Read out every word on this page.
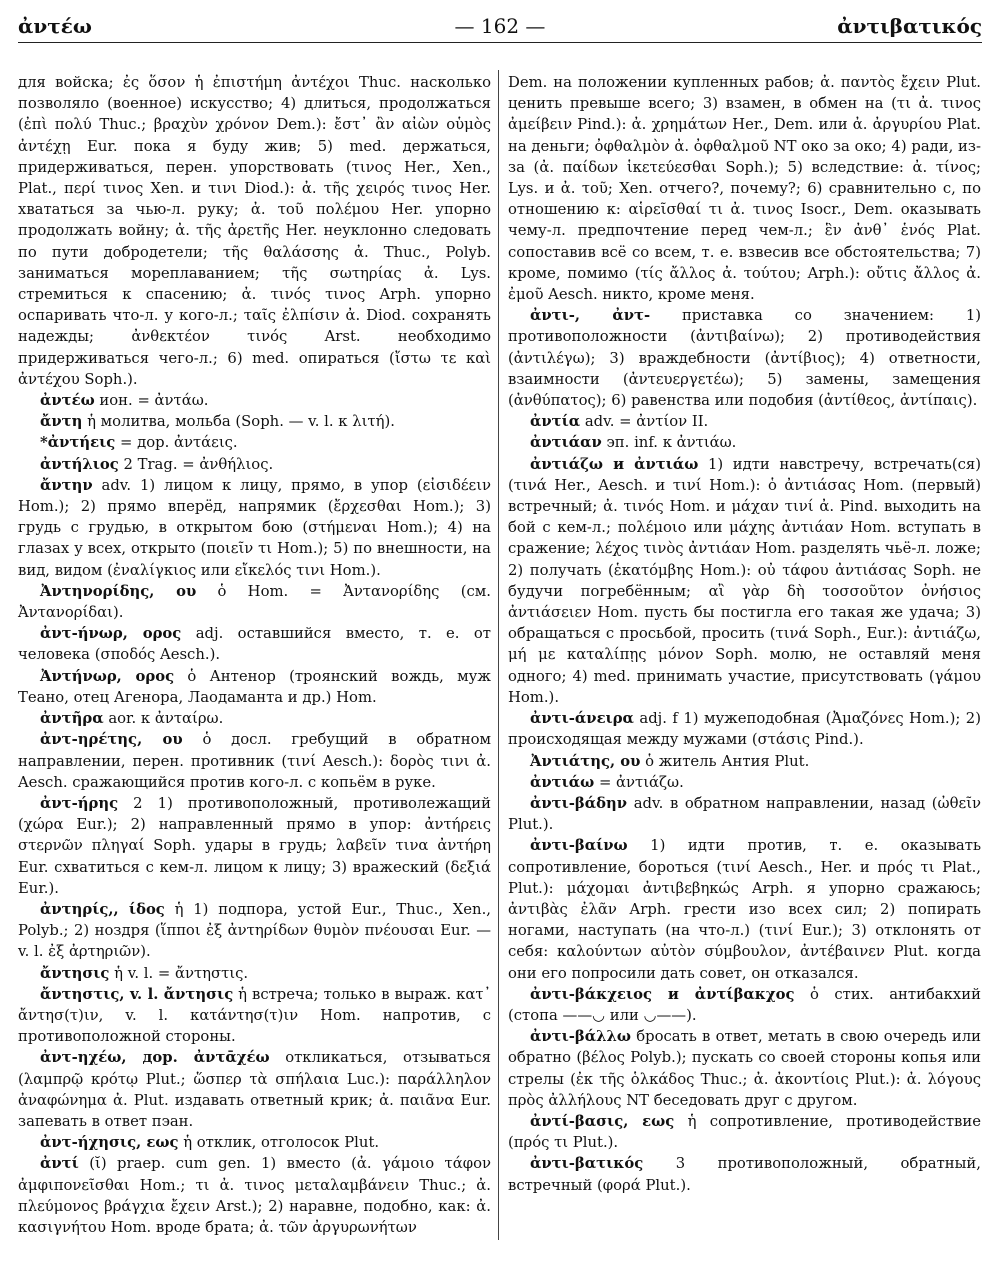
ἀντέω	— 162 —	ἀντιβατικός

для войска; ἐς ὅσον ἡ ἐπιστήμη ἀντέχοι Thuc. насколько позволяло (военное) искусство; 4) длиться, продолжаться (ἐπὶ πολύ Thuc.; βραχὺν χρόνον Dem.): ἔστ᾽ ἂν αἰὼν οὑμὸς ἀντέχῃ Eur. пока я буду жив; 5) med. держаться, придерживаться, перен. упорствовать (τινος Her., Xen., Plat., περί τινος Xen. и τινι Diod.): ἀ. τῆς χειρός τινος Her. хвататься за чью-л. руку; ἀ. τοῦ πολέμου Her. упорно продолжать войну; ἀ. τῆς ἀρετῆς Her. неуклонно следовать по пути добродетели; τῆς θαλάσσης ἀ. Thuc., Polyb. заниматься мореплаванием; τῆς σωτηρίας ἀ. Lys. стремиться к спасению; ἀ. τινός τινος Arph. упорно оспаривать что-л. у кого-л.; ταῖς ἐλπίσιν ἀ. Diod. сохранять надежды; ἀνθεκτέον τινός Arst. необходимо придерживаться чего-л.; 6) med. опираться (ἴστω τε καὶ ἀντέχου Soph.).

ἀντέω ион. = ἀντάω.

ἄντη ἡ молитва, мольба (Soph. — v. l. к λιτή).

*ἀντήεις = дор. ἀντάεις.

ἀντήλιος 2 Trag. = ἀνθήλιος.

ἄντην adv. 1) лицом к лицу, прямо, в упор (εἰσιδέειν Hom.); 2) прямо вперёд, напрямик (ἔρχεσθαι Hom.); 3) грудь с грудью, в открытом бою (στήμεναι Hom.); 4) на глазах у всех, открыто (ποιεῖν τι Hom.); 5) по внешности, на вид, видом (ἐναλίγκιος или εἴκελός τινι Hom.).

Ἀντηνορίδης, ου ὁ Hom. = Ἀντανορίδης (см. Ἀντανορίδαι).

ἀντ-ήνωρ, ορος adj. оставшийся вместо, т. е. от человека (σποδός Aesch.).

Ἀντήνωρ, ορος ὁ Антенор (троянский вождь, муж Теано, отец Агенора, Лаодаманта и др.) Hom.

ἀντῆρα aor. к ἀνταίρω.

ἀντ-ηρέτης, ου ὁ досл. гребущий в обратном направлении, перен. противник (τινί Aesch.): δορὸς τινι ἀ. Aesch. сражающийся против кого-л. с копьём в руке.

ἀντ-ήρης 2 1) противоположный, противолежащий (χώρα Eur.); 2) направленный прямо в упор: ἀντήρεις στερνῶν πληγαί Soph. удары в грудь; λαβεῖν τινα ἀντήρη Eur. схватиться с кем-л. лицом к лицу; 3) вражеский (δεξιά Eur.).

ἀντηρίς,, ίδος ἡ 1) подпора, устой Eur., Thuc., Xen., Polyb.; 2) ноздря (ἵπποι ἐξ ἀντηρίδων θυμὸν πνέουσαι Eur. — v. l. ἐξ ἀρτηριῶν).

ἄντησις ἡ v. l. = ἄντηστις.

ἄντηστις, v. l. ἄντησις ἡ встреча; только в выраж. κατ᾽ ἄντησ(τ)ιν, v. l. κατάντησ(τ)ιν Hom. напротив, с противоположной стороны.

ἀντ-ηχέω, дор. ἀντᾱχέω откликаться, отзываться (λαμπρῷ κρότῳ Plut.; ὥσπερ τὰ σπήλαια Luc.): παράλληλον ἀναφώνημα ἀ. Plut. издавать ответный крик; ἀ. παιᾶνα Eur. запевать в ответ пэан.

ἀντ-ήχησις, εως ἡ отклик, отголосок Plut.

ἀντί (ῐ) praep. cum gen. 1) вместо (ἀ. γάμοιο τάφον ἀμφιπονεῖσθαι Hom.; τι ἀ. τινος μεταλαμβάνειν Thuc.; ἀ. πλεύμονος βράγχια ἔχειν Arst.); 2) наравне, подобно, как: ἀ. κασιγνήτου Hom. вроде брата; ἀ. τῶν ἀργυρωνήτων

Dem. на положении купленных рабов; ἀ. παντὸς ἔχειν Plut. ценить превыше всего; 3) взамен, в обмен на (τι ἀ. τινος ἀμείβειν Pind.): ἀ. χρημάτων Her., Dem. или ἀ. ἀργυρίου Plat. на деньги; ὀφθαλμὸν ἀ. ὀφθαλμοῦ NT око за око; 4) ради, из-за (ἀ. παίδων ἱκετεύεσθαι Soph.); 5) вследствие: ἀ. τίνος; Lys. и ἀ. τοῦ; Xen. отчего?, почему?; 6) сравнительно с, по отношению к: αἱρεῖσθαί τι ἀ. τινος Isocr., Dem. оказывать чему-л. предпочтение перед чем-л.; ἓν ἀνθ᾽ ἑνός Plat. сопоставив всё со всем, т. е. взвесив все обстоятельства; 7) кроме, помимо (τίς ἄλλος ἀ. τούτου; Arph.): οὔτις ἄλλος ἀ. ἐμοῦ Aesch. никто, кроме меня.

ἀντι-, ἀντ- приставка со значением: 1) противоположности (ἀντιβαίνω); 2) противодействия (ἀντιλέγω); 3) враждебности (ἀντίβιος); 4) ответности, взаимности (ἀντευεργετέω); 5) замены, замещения (ἀνθύπατος); 6) равенства или подобия (ἀντίθεος, ἀντίπαις).

ἀντία adv. = ἀντίον II.

ἀντιάαν эп. inf. к ἀντιάω.

ἀντιάζω и ἀντιάω 1) идти навстречу, встречать(ся) (τινά Her., Aesch. и τινί Hom.): ὁ ἀντιάσας Hom. (первый) встречный; ἀ. τινός Hom. и μάχαν τινί ἀ. Pind. выходить на бой с кем-л.; πολέμοιο или μάχης ἀντιάαν Hom. вступать в сражение; λέχος τινὸς ἀντιάαν Hom. разделять чьё-л. ложе; 2) получать (ἑκατόμβης Hom.): οὐ τάφου ἀντιάσας Soph. не будучи погребённым; αἲ γὰρ δὴ τοσσοῦτον ὀνήσιος ἀντιάσειεν Hom. пусть бы постигла его такая же удача; 3) обращаться с просьбой, просить (τινά Soph., Eur.): ἀντιάζω, μή με καταλίπῃς μόνον Soph. молю, не оставляй меня одного; 4) med. принимать участие, присутствовать (γάμου Hom.).

ἀντι-άνειρα adj. f 1) мужеподобная (Ἀμαζόνες Hom.); 2) происходящая между мужами (στάσις Pind.).

Ἀντιάτης, ου ὁ житель Антия Plut.

ἀντιάω = ἀντιάζω.

ἀντι-βάδην adv. в обратном направлении, назад (ὠθεῖν Plut.).

ἀντι-βαίνω 1) идти против, т. е. оказывать сопротивление, бороться (τινί Aesch., Her. и πρός τι Plat., Plut.): μάχομαι ἀντιβεβηκώς Arph. я упорно сражаюсь; ἀντιβὰς ἐλᾶν Arph. грести изо всех сил; 2) попирать ногами, наступать (на что-л.) (τινί Eur.); 3) отклонять от себя: καλούντων αὐτὸν σύμβουλον, ἀντέβαινεν Plut. когда они его попросили дать совет, он отказался.

ἀντι-βάκχειος и ἀντίβακχος ὁ стих. антибакхий (стопа ——◡ или ◡——).

ἀντι-βάλλω бросать в ответ, метать в свою очередь или обратно (βέλος Polyb.); пускать со своей стороны копья или стрелы (ἐκ τῆς ὁλκάδος Thuc.; ἀ. ἀκοντίοις Plut.): ἀ. λόγους πρὸς ἀλλήλους NT беседовать друг с другом.

ἀντί-βασις, εως ἡ сопротивление, противодействие (πρός τι Plut.).

ἀντι-βατικός 3 противоположный, обратный, встречный (φορά Plut.).
